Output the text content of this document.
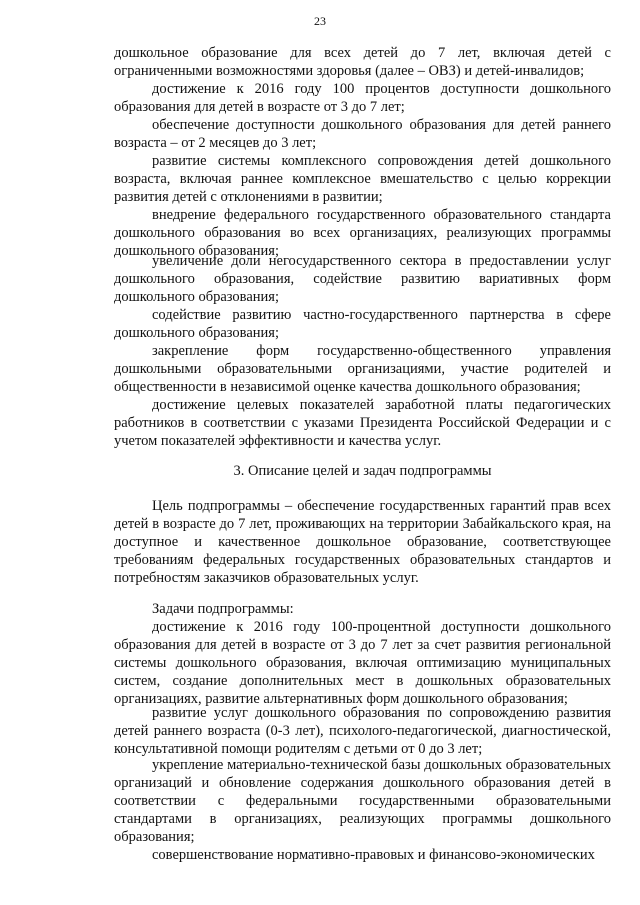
23

дошкольное образование для всех детей до 7 лет, включая детей с ограниченными возможностями здоровья (далее – ОВЗ) и детей-инвалидов;

достижение к 2016 году 100 процентов доступности дошкольного образования для детей в возрасте от 3 до 7 лет;

обеспечение доступности дошкольного образования для детей раннего возраста – от 2 месяцев до 3 лет;

развитие системы комплексного сопровождения детей дошкольного возраста, включая раннее комплексное вмешательство с целью коррекции развития детей с отклонениями в развитии;

внедрение федерального государственного образовательного стандарта дошкольного образования во всех организациях, реализующих программы дошкольного образования;

увеличение доли негосударственного сектора в предоставлении услуг дошкольного образования, содействие развитию вариативных форм дошкольного образования;

содействие развитию частно-государственного партнерства в сфере дошкольного образования;

закрепление форм государственно-общественного управления дошкольными образовательными организациями, участие родителей и общественности в независимой оценке качества дошкольного образования;

достижение целевых показателей заработной платы педагогических работников в соответствии с указами Президента Российской Федерации и с учетом показателей эффективности и качества услуг.

3. Описание целей и задач подпрограммы

Цель подпрограммы – обеспечение государственных гарантий прав всех детей в возрасте до 7 лет, проживающих на территории Забайкальского края, на доступное и качественное дошкольное образование, соответствующее требованиям федеральных государственных образовательных стандартов и потребностям заказчиков образовательных услуг.

Задачи подпрограммы:

достижение к 2016 году 100-процентной доступности дошкольного образования для детей в возрасте от 3 до 7 лет за счет развития региональной системы дошкольного образования, включая оптимизацию муниципальных систем, создание дополнительных мест в дошкольных образовательных организациях, развитие альтернативных форм дошкольного образования;

развитие услуг дошкольного образования по сопровождению развития детей раннего возраста (0-3 лет), психолого-педагогической, диагностической, консультативной помощи родителям с детьми от 0 до 3 лет;

укрепление материально-технической базы дошкольных образовательных организаций и обновление содержания дошкольного образования детей в соответствии с федеральными государственными образовательными стандартами в организациях, реализующих программы дошкольного образования;

совершенствование нормативно-правовых и финансово-экономических
